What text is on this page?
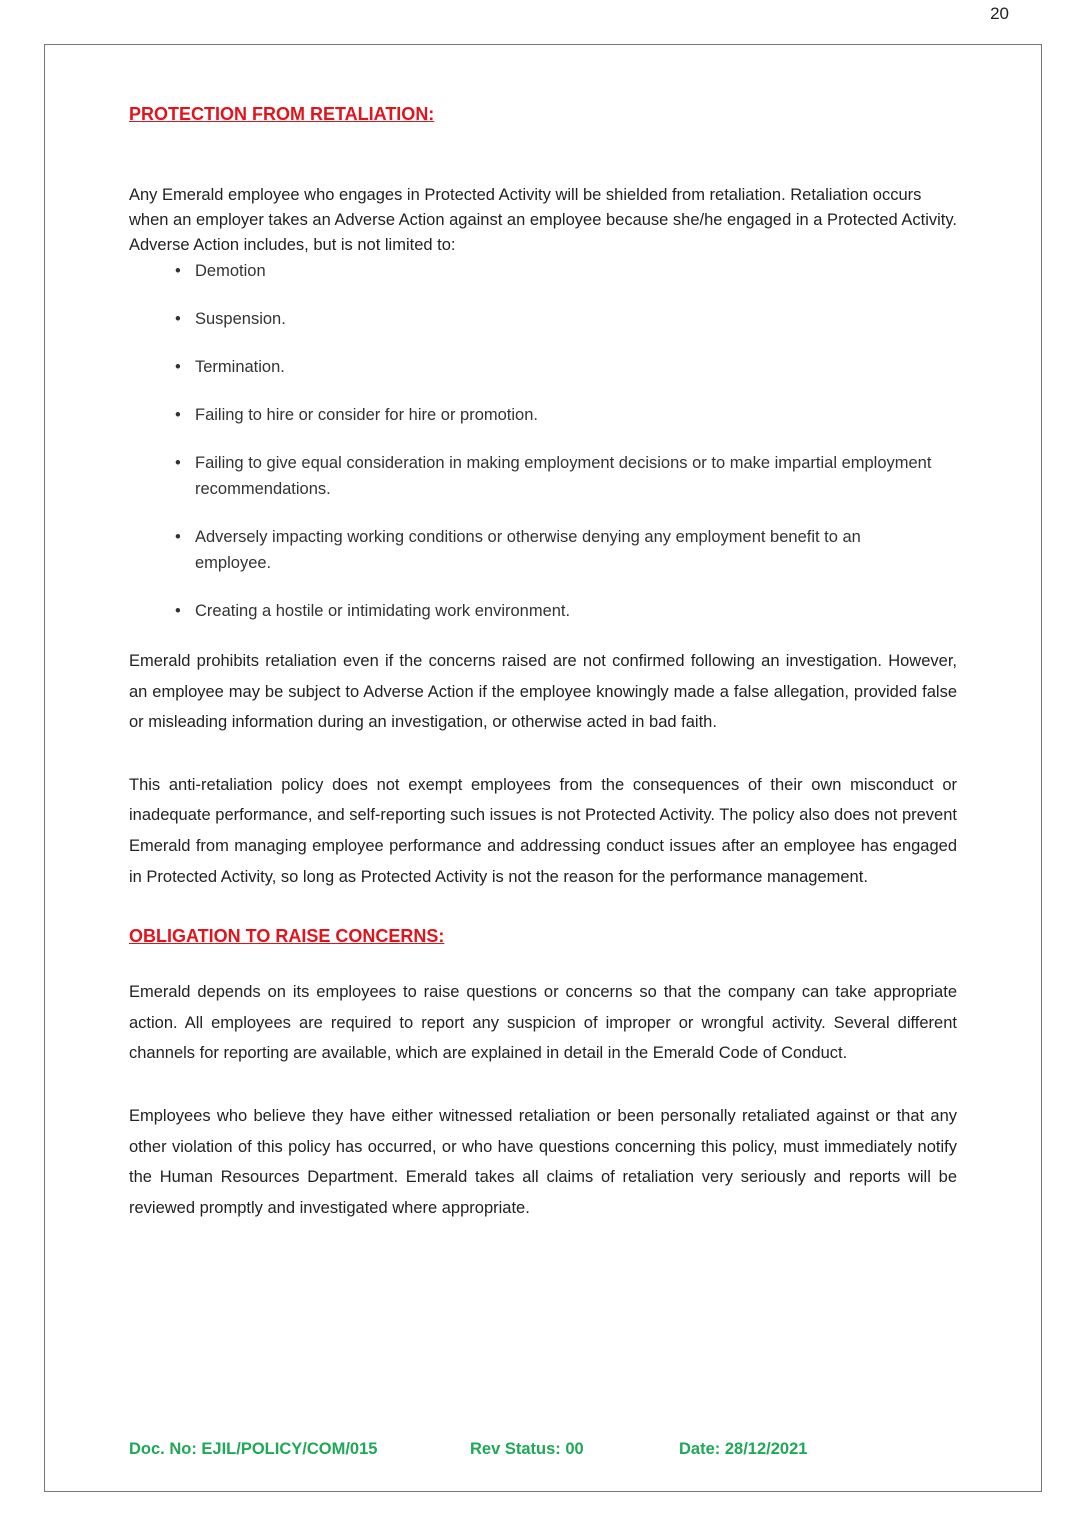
20
PROTECTION FROM RETALIATION:

Any Emerald employee who engages in Protected Activity will be shielded from retaliation. Retaliation occurs when an employer takes an Adverse Action against an employee because she/he engaged in a Protected Activity. Adverse Action includes, but is not limited to:

• Demotion
• Suspension.
• Termination.
• Failing to hire or consider for hire or promotion.
• Failing to give equal consideration in making employment decisions or to make impartial employment recommendations.
• Adversely impacting working conditions or otherwise denying any employment benefit to an employee.
• Creating a hostile or intimidating work environment.

Emerald prohibits retaliation even if the concerns raised are not confirmed following an investigation. However, an employee may be subject to Adverse Action if the employee knowingly made a false allegation, provided false or misleading information during an investigation, or otherwise acted in bad faith.

This anti-retaliation policy does not exempt employees from the consequences of their own misconduct or inadequate performance, and self-reporting such issues is not Protected Activity. The policy also does not prevent Emerald from managing employee performance and addressing conduct issues after an employee has engaged in Protected Activity, so long as Protected Activity is not the reason for the performance management.

OBLIGATION TO RAISE CONCERNS:

Emerald depends on its employees to raise questions or concerns so that the company can take appropriate action. All employees are required to report any suspicion of improper or wrongful activity. Several different channels for reporting are available, which are explained in detail in the Emerald Code of Conduct.

Employees who believe they have either witnessed retaliation or been personally retaliated against or that any other violation of this policy has occurred, or who have questions concerning this policy, must immediately notify the Human Resources Department. Emerald takes all claims of retaliation very seriously and reports will be reviewed promptly and investigated where appropriate.

Doc. No: EJIL/POLICY/COM/015	Rev Status: 00	Date: 28/12/2021
